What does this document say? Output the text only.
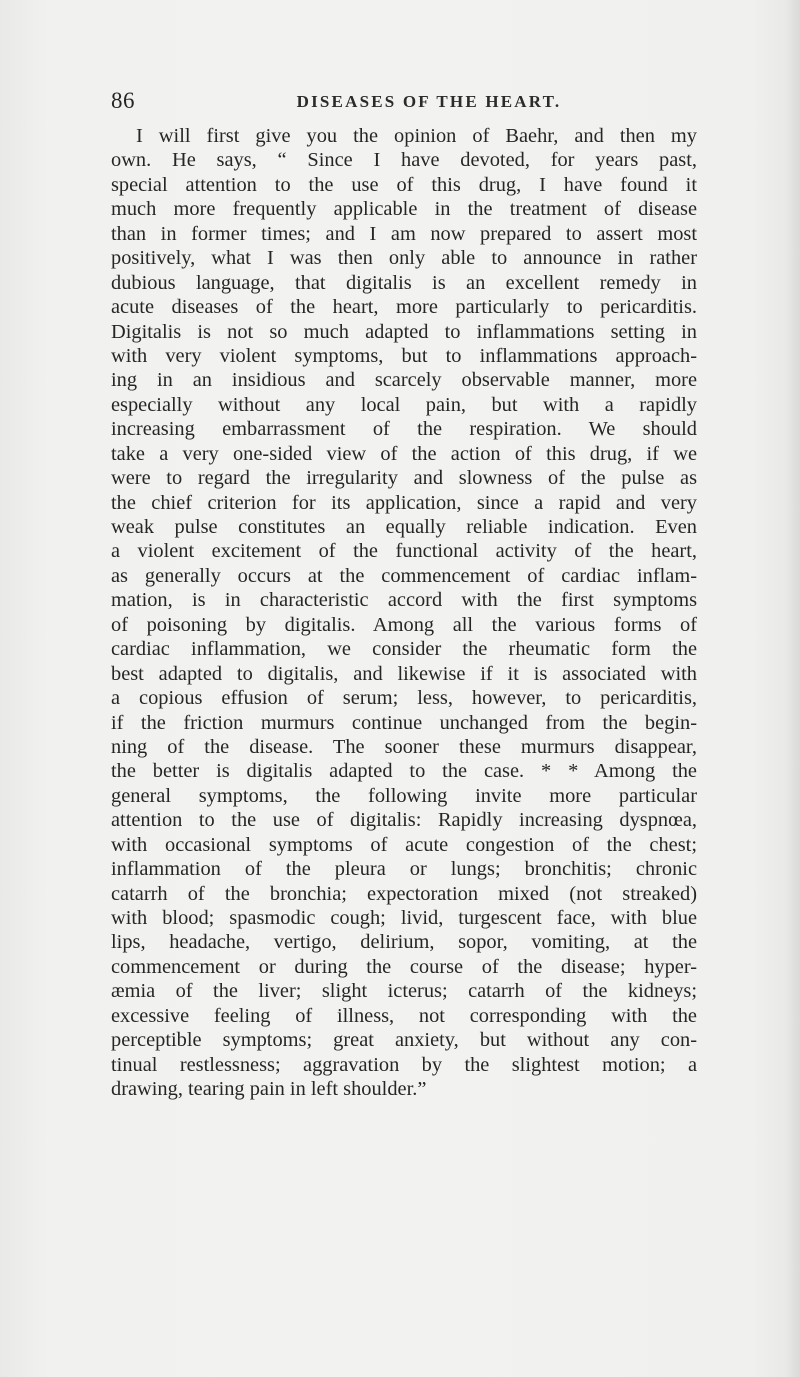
86	DISEASES OF THE HEART.
I will first give you the opinion of Baehr, and then my
own. He says, “ Since I have devoted, for years past,
special attention to the use of this drug, I have found it
much more frequently applicable in the treatment of disease
than in former times; and I am now prepared to assert most
positively, what I was then only able to announce in rather
dubious language, that digitalis is an excellent remedy in
acute diseases of the heart, more particularly to pericarditis.
Digitalis is not so much adapted to inflammations setting in
with very violent symptoms, but to inflammations approach-
ing in an insidious and scarcely observable manner, more
especially without any local pain, but with a rapidly
increasing embarrassment of the respiration. We should
take a very one-sided view of the action of this drug, if we
were to regard the irregularity and slowness of the pulse as
the chief criterion for its application, since a rapid and very
weak pulse constitutes an equally reliable indication. Even
a violent excitement of the functional activity of the heart,
as generally occurs at the commencement of cardiac inflam-
mation, is in characteristic accord with the first symptoms
of poisoning by digitalis. Among all the various forms of
cardiac inflammation, we consider the rheumatic form the
best adapted to digitalis, and likewise if it is associated with
a copious effusion of serum; less, however, to pericarditis,
if the friction murmurs continue unchanged from the begin-
ning of the disease. The sooner these murmurs disappear,
the better is digitalis adapted to the case. * * Among the
general symptoms, the following invite more particular
attention to the use of digitalis: Rapidly increasing dyspnœa,
with occasional symptoms of acute congestion of the chest;
inflammation of the pleura or lungs; bronchitis; chronic
catarrh of the bronchia; expectoration mixed (not streaked)
with blood; spasmodic cough; livid, turgescent face, with blue
lips, headache, vertigo, delirium, sopor, vomiting, at the
commencement or during the course of the disease; hyper-
æmia of the liver; slight icterus; catarrh of the kidneys;
excessive feeling of illness, not corresponding with the
perceptible symptoms; great anxiety, but without any con-
tinual restlessness; aggravation by the slightest motion; a
drawing, tearing pain in left shoulder.”
